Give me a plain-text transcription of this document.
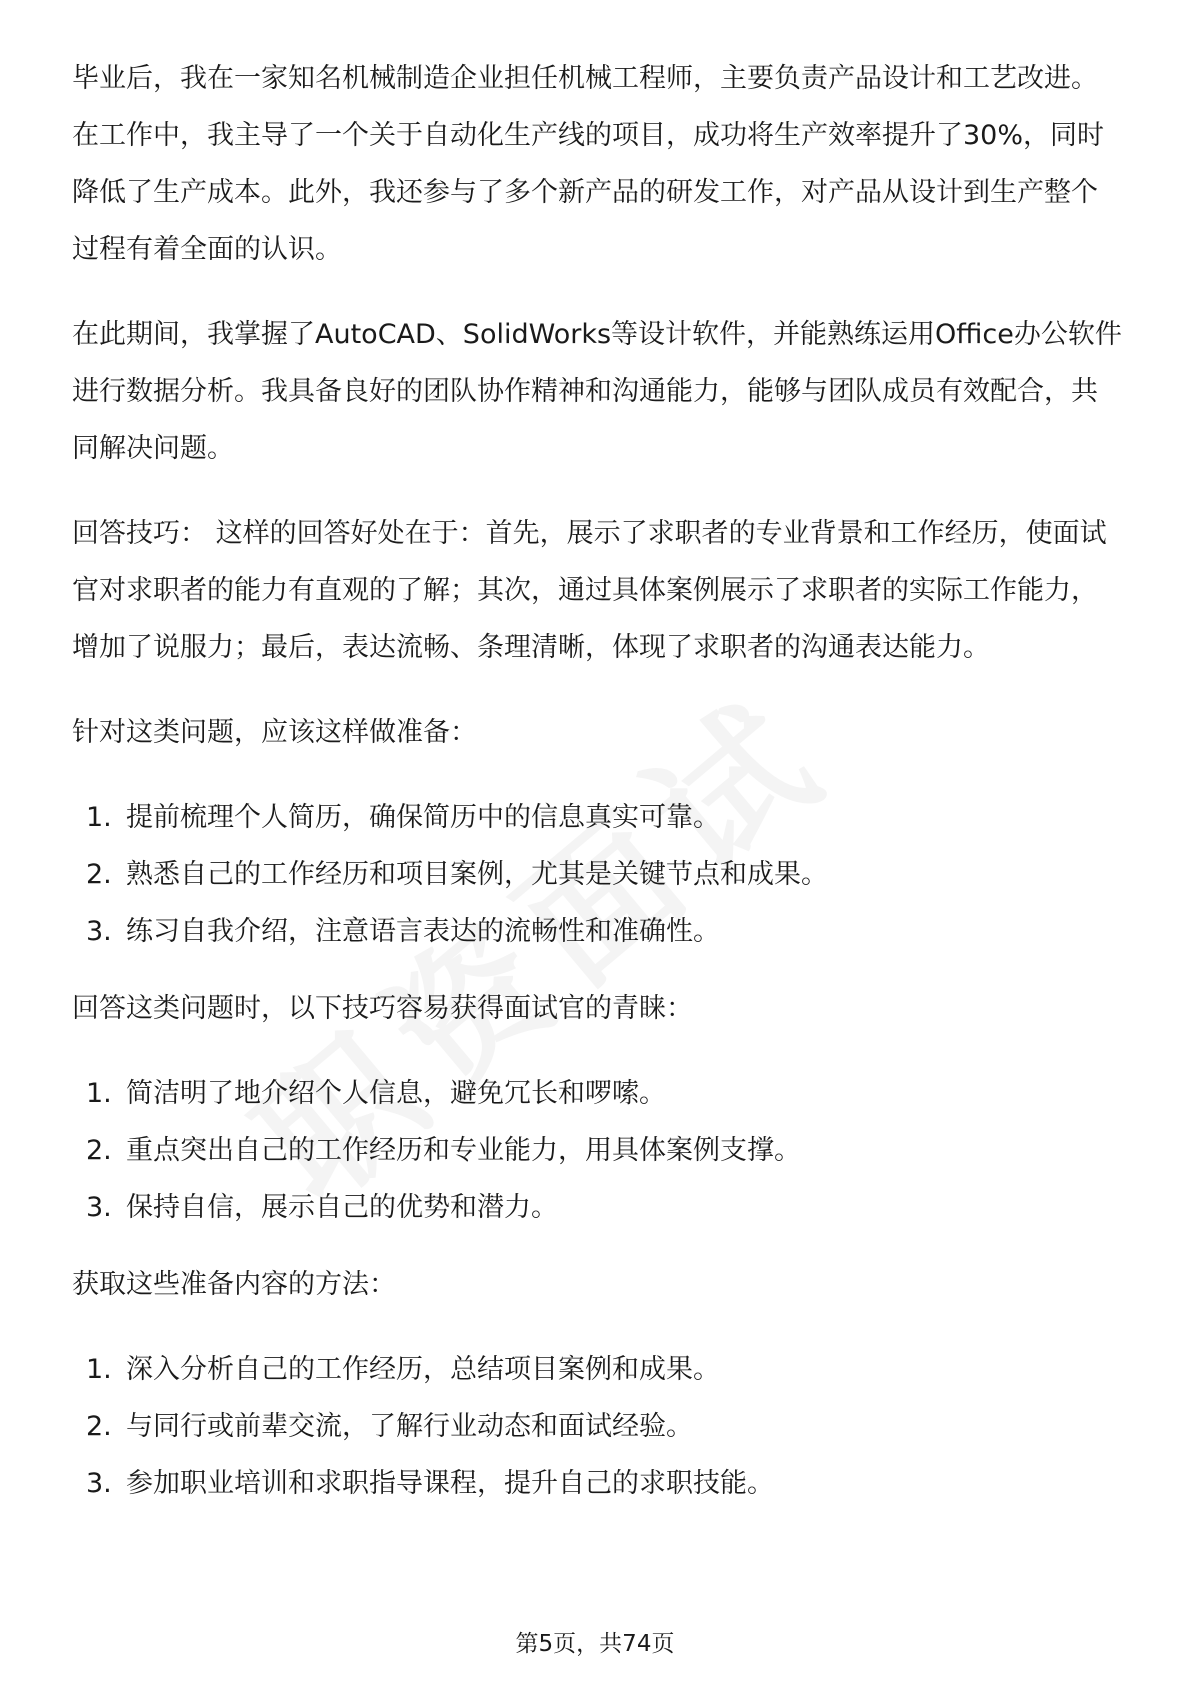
毕业后，我在一家知名机械制造企业担任机械工程师，主要负责产品设计和工艺改进。在工作中，我主导了一个关于自动化生产线的项目，成功将生产效率提升了30%，同时降低了生产成本。此外，我还参与了多个新产品的研发工作，对产品从设计到生产整个过程有着全面的认识。

在此期间，我掌握了AutoCAD、SolidWorks等设计软件，并能熟练运用Office办公软件进行数据分析。我具备良好的团队协作精神和沟通能力，能够与团队成员有效配合，共同解决问题。

回答技巧： 这样的回答好处在于：首先，展示了求职者的专业背景和工作经历，使面试官对求职者的能力有直观的了解；其次，通过具体案例展示了求职者的实际工作能力，增加了说服力；最后，表达流畅、条理清晰，体现了求职者的沟通表达能力。

针对这类问题，应该这样做准备：

1. 提前梳理个人简历，确保简历中的信息真实可靠。
2. 熟悉自己的工作经历和项目案例，尤其是关键节点和成果。
3. 练习自我介绍，注意语言表达的流畅性和准确性。

回答这类问题时，以下技巧容易获得面试官的青睐：

1. 简洁明了地介绍个人信息，避免冗长和啰嗦。
2. 重点突出自己的工作经历和专业能力，用具体案例支撑。
3. 保持自信，展示自己的优势和潜力。

获取这些准备内容的方法：

1. 深入分析自己的工作经历，总结项目案例和成果。
2. 与同行或前辈交流，了解行业动态和面试经验。
3. 参加职业培训和求职指导课程，提升自己的求职技能。
第5页，共74页
